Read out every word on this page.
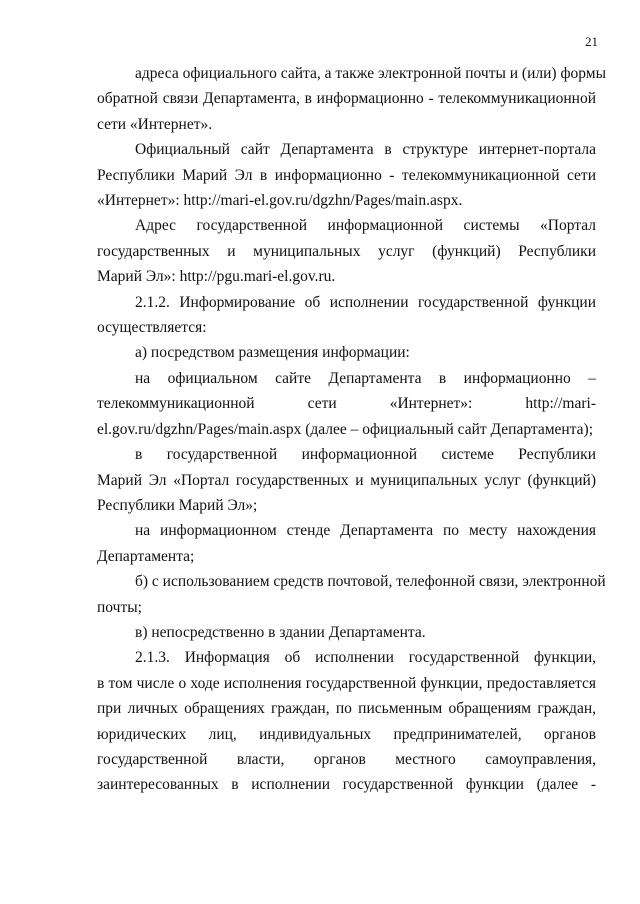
21
адреса официального сайта, а также электронной почты и (или) формы
обратной связи Департамента, в информационно - телекоммуникационной
сети «Интернет».
Официальный сайт Департамента в структуре интернет-портала
Республики Марий Эл в информационно - телекоммуникационной сети
«Интернет»: http://mari-el.gov.ru/dgzhn/Pages/main.aspx.
Адрес государственной информационной системы «Портал
государственных и муниципальных услуг (функций) Республики
Марий Эл»: http://pgu.mari-el.gov.ru.
2.1.2. Информирование об исполнении государственной функции
осуществляется:
а) посредством размещения информации:
на официальном сайте Департамента в информационно –
телекоммуникационной сети «Интернет»: http://mari-
el.gov.ru/dgzhn/Pages/main.aspx (далее – официальный сайт Департамента);
в государственной информационной системе Республики
Марий Эл «Портал государственных и муниципальных услуг (функций)
Республики Марий Эл»;
на информационном стенде Департамента по месту нахождения
Департамента;
б) с использованием средств почтовой, телефонной связи, электронной
почты;
в) непосредственно в здании Департамента.
2.1.3. Информация об исполнении государственной функции,
в том числе о ходе исполнения государственной функции, предоставляется
при личных обращениях граждан, по письменным обращениям граждан,
юридических лиц, индивидуальных предпринимателей, органов
государственной власти, органов местного самоуправления,
заинтересованных в исполнении государственной функции (далее -
